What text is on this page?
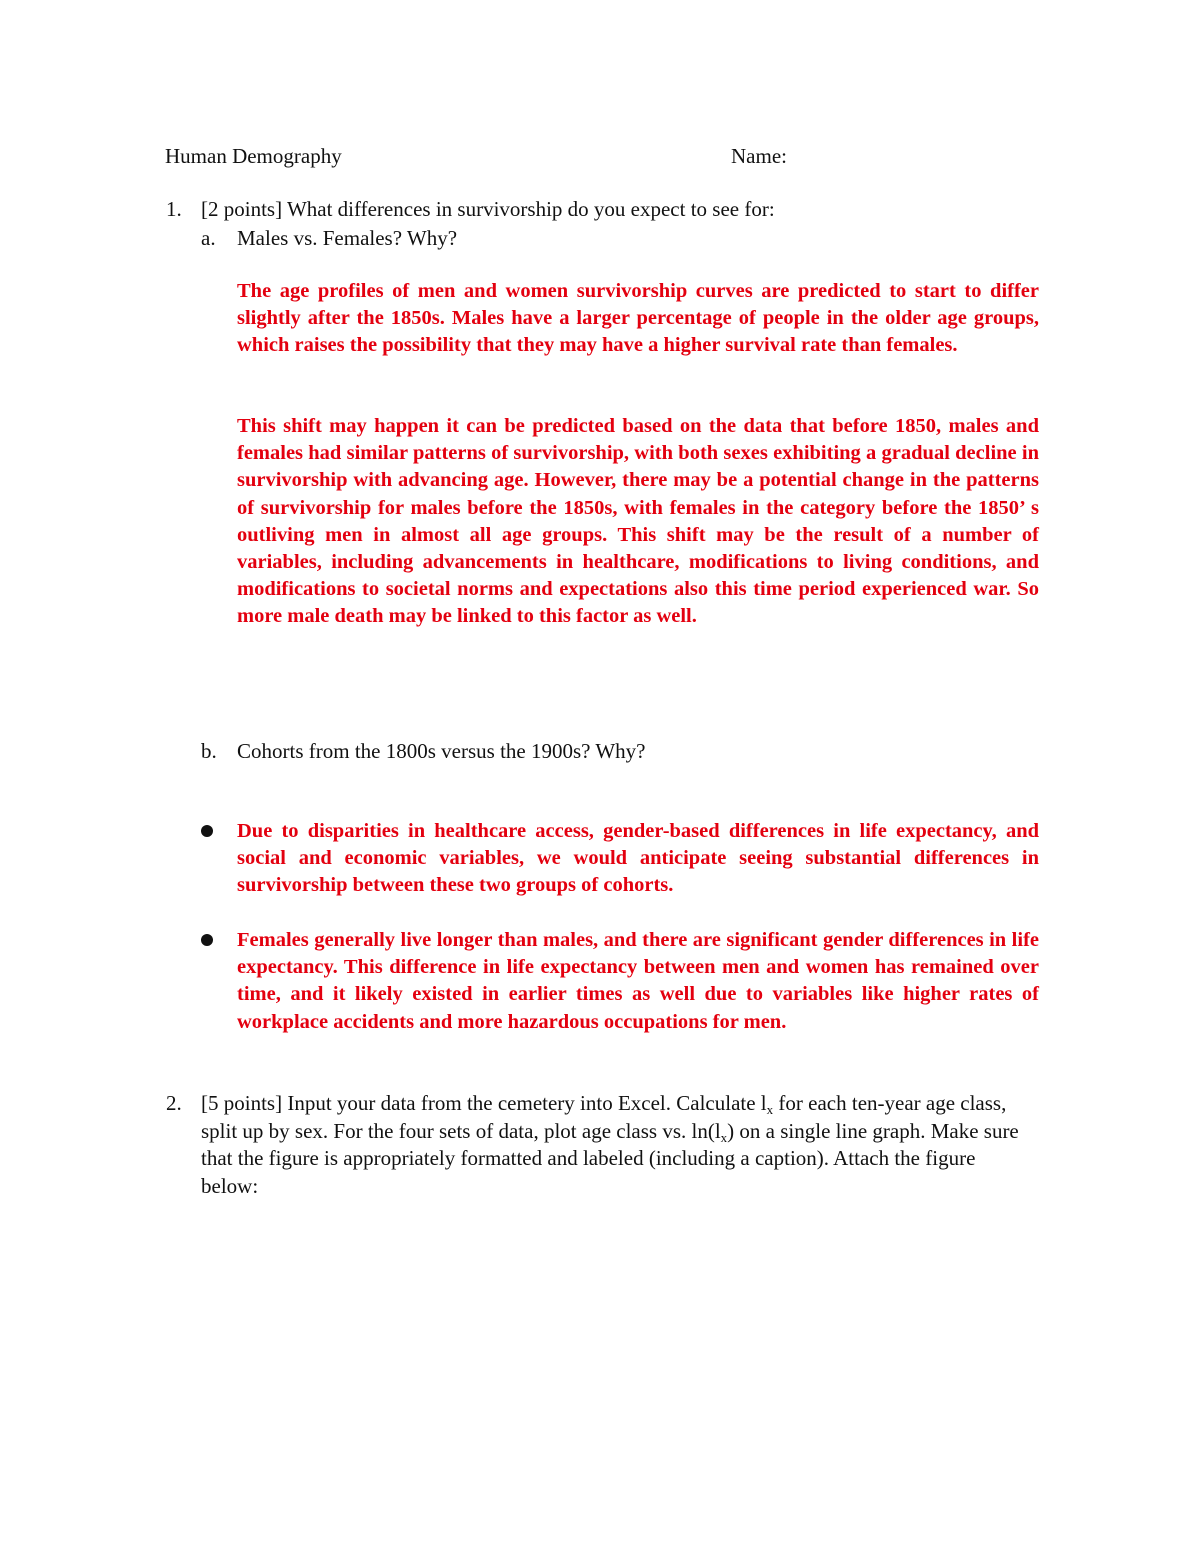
Human Demography	Name:
1. [2 points] What differences in survivorship do you expect to see for:
a. Males vs. Females? Why?
The age profiles of men and women survivorship curves are predicted to start to differ slightly after the 1850s. Males have a larger percentage of people in the older age groups, which raises the possibility that they may have a higher survival rate than females.
This shift may happen it can be predicted based on the data that before 1850, males and females had similar patterns of survivorship, with both sexes exhibiting a gradual decline in survivorship with advancing age. However, there may be a potential change in the patterns of survivorship for males before the 1850s, with females in the category before the 1850’ s outliving men in almost all age groups. This shift may be the result of a number of variables, including advancements in healthcare, modifications to living conditions, and modifications to societal norms and expectations also this time period experienced war. So more male death may be linked to this factor as well.
b. Cohorts from the 1800s versus the 1900s? Why?
Due to disparities in healthcare access, gender-based differences in life expectancy, and social and economic variables, we would anticipate seeing substantial differences in survivorship between these two groups of cohorts.
Females generally live longer than males, and there are significant gender differences in life expectancy. This difference in life expectancy between men and women has remained over time, and it likely existed in earlier times as well due to variables like higher rates of workplace accidents and more hazardous occupations for men.
2. [5 points] Input your data from the cemetery into Excel. Calculate $l_x$ for each ten-year age class, split up by sex. For the four sets of data, plot age class vs. $\ln(l_x)$ on a single line graph. Make sure that the figure is appropriately formatted and labeled (including a caption). Attach the figure below:
